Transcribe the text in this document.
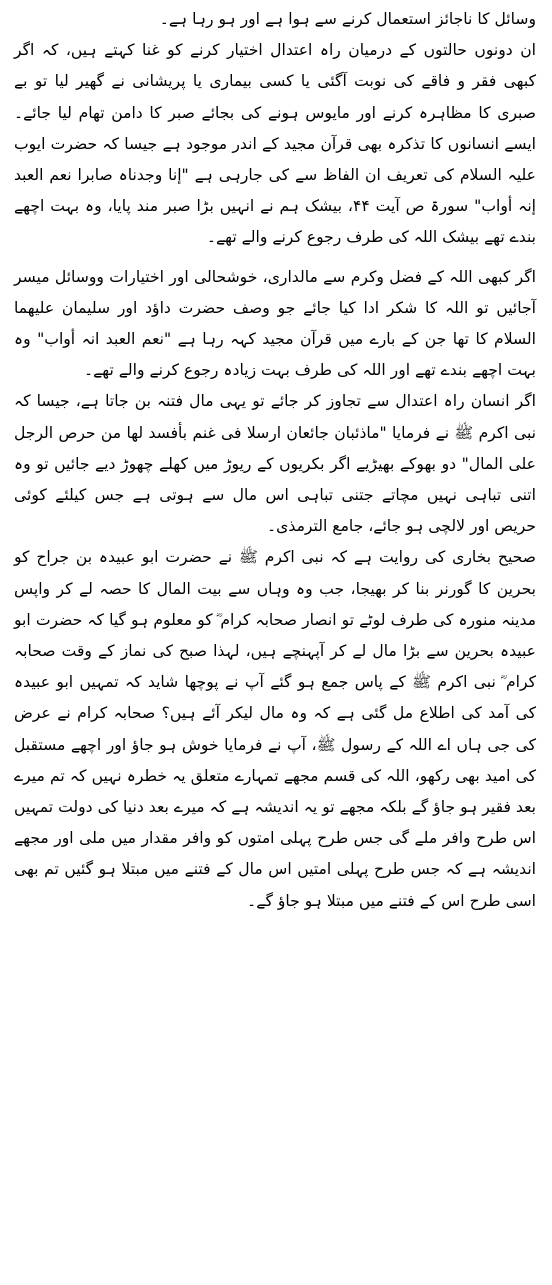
وسائل کا ناجائز استعمال کرنے سے ہوا ہے اور ہو رہا ہے۔

ان دونوں حالتوں کے درمیان راہ اعتدال اختیار کرنے کو غنا کہتے ہیں، کہ اگر کبھی فقر و فاقے کی نوبت آگئی یا کسی بیماری یا پریشانی نے گھیر لیا تو بے صبری کا مظاہرہ کرنے اور مایوس ہونے کی بجائے صبر کا دامن تھام لیا جائے۔ ایسے انسانوں کا تذکرہ بھی قرآن مجید کے اندر موجود ہے جیسا کہ حضرت ایوب علیہ السلام کی تعریف ان الفاظ سے کی جارہی ہے "إنا وجدناہ صابرا نعم العبد إنہ أواب" سورۃ ص آیت ۴۴، بیشک ہم نے انہیں بڑا صبر مند پایا، وہ بہت اچھے بندے تھے بیشک اللہ کی طرف رجوع کرنے والے تھے۔

اگر کبھی اللہ کے فضل وکرم سے مالداری، خوشحالی اور اختیارات ووسائل میسر آجائیں تو اللہ کا شکر ادا کیا جائے جو وصف حضرت داؤد اور سلیمان علیھما السلام کا تھا جن کے بارے میں قرآن مجید کہہ رہا ہے "نعم العبد انہ أواب" وہ بہت اچھے بندے تھے اور اللہ کی طرف بہت زیادہ رجوع کرنے والے تھے۔

اگر انسان راہ اعتدال سے تجاوز کر جائے تو یہی مال فتنہ بن جاتا ہے، جیسا کہ نبی اکرم ﷺ نے فرمایا "ماذئبان جائعان ارسلا فی غنم بأفسد لھا من حرص الرجل علی المال" دو بھوکے بھیڑیے اگر بکریوں کے ریوڑ میں کھلے چھوڑ دیے جائیں تو وہ اتنی تباہی نہیں مچاتے جتنی تباہی اس مال سے ہوتی ہے جس کیلئے کوئی حریص اور لالچی ہو جائے، جامع الترمذی۔

صحیح بخاری کی روایت ہے کہ نبی اکرم ﷺ نے حضرت ابو عبیدہ بن جراح کو بحرین کا گورنر بنا کر بھیجا، جب وہ وہاں سے بیت المال کا حصہ لے کر واپس مدینہ منورہ کی طرف لوٹے تو انصار صحابہ کرام ؓ کو معلوم ہو گیا کہ حضرت ابو عبیدہ بحرین سے بڑا مال لے کر آپہنچے ہیں، لہذا صبح کی نماز کے وقت صحابہ کرام ؓ نبی اکرم ﷺ کے پاس جمع ہو گئے آپ نے پوچھا شاید کہ تمہیں ابو عبیدہ کی آمد کی اطلاع مل گئی ہے کہ وہ مال لیکر آئے ہیں؟ صحابہ کرام نے عرض کی جی ہاں اے اللہ کے رسول ﷺ، آپ نے فرمایا خوش ہو جاؤ اور اچھے مستقبل کی امید بھی رکھو، اللہ کی قسم مجھے تمہارے متعلق یہ خطرہ نہیں کہ تم میرے بعد فقیر ہو جاؤ گے بلکہ مجھے تو یہ اندیشہ ہے کہ میرے بعد دنیا کی دولت تمہیں اس طرح وافر ملے گی جس طرح پہلی امتوں کو وافر مقدار میں ملی اور مجھے اندیشہ ہے کہ جس طرح پہلی امتیں اس مال کے فتنے میں مبتلا ہو گئیں تم بھی اسی طرح اس کے فتنے میں مبتلا ہو جاؤ گے۔
